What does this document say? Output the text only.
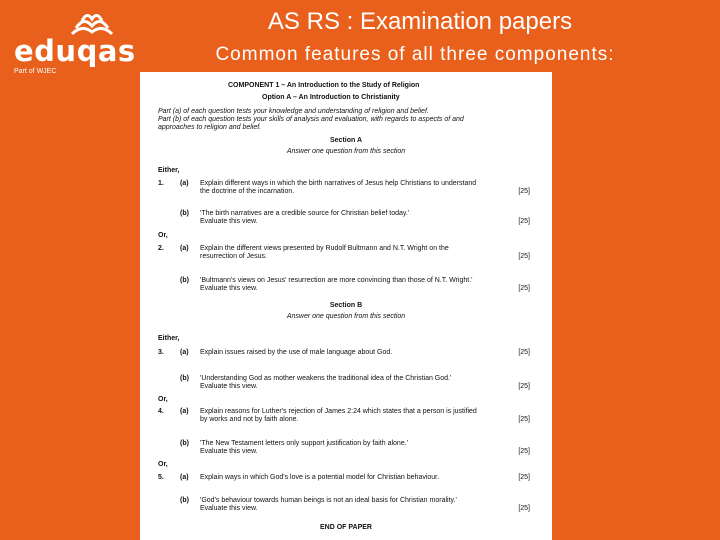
eduqas
Part of WJEC
AS RS : Examination papers
Common features of all three components:
COMPONENT 1 – An Introduction to the Study of Religion
Option A – An Introduction to Christianity
Part (a) of each question tests your knowledge and understanding of religion and belief.
Part (b) of each question tests your skills of analysis and evaluation, with regards to aspects of and
approaches to religion and belief.
Section A
Answer one question from this section
Either,
1. (a) Explain different ways in which the birth narratives of Jesus help Christians to understand
the doctrine of the incarnation.	[25]
(b) 'The birth narratives are a credible source for Christian belief today.'
Evaluate this view.	[25]
Or,
2. (a) Explain the different views presented by Rudolf Bultmann and N.T. Wright on the
resurrection of Jesus.	[25]
(b) 'Bultmann's views on Jesus' resurrection are more convincing than those of N.T. Wright.'
Evaluate this view.	[25]
Section B
Answer one question from this section
Either,
3. (a) Explain issues raised by the use of male language about God.	[25]
(b) 'Understanding God as mother weakens the traditional idea of the Christian God.'
Evaluate this view.	[25]
Or,
4. (a) Explain reasons for Luther's rejection of James 2:24 which states that a person is justified
by works and not by faith alone.	[25]
(b) 'The New Testament letters only support justification by faith alone.'
Evaluate this view.	[25]
Or,
5. (a) Explain ways in which God's love is a potential model for Christian behaviour.	[25]
(b) 'God's behaviour towards human beings is not an ideal basis for Christian morality.'
Evaluate this view.	[25]
END OF PAPER
